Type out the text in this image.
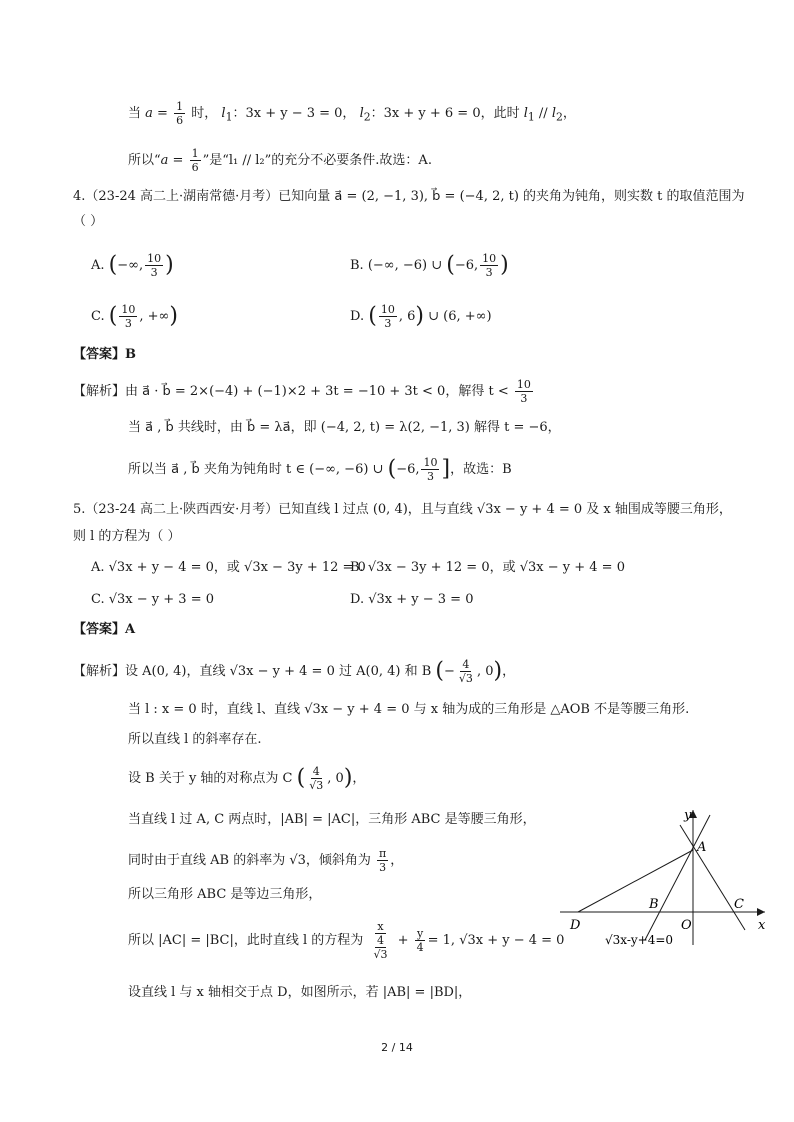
当 $a = \frac{1}{6}$ 时， $l_1$：3x + y − 3 = 0， $l_2$：3x + y + 6 = 0，此时 $l_1 // l_2$，
所以“$a = \frac{1}{6}$ ”是“l₁ // l₂”的充分不必要条件.故选：A.
4.（23-24 高二上·湖南常德·月考）已知向量 a⃗ = (2, −1, 3), b⃗ = (−4, 2, t) 的夹角为钝角，则实数 t 的取值范围为
（ ）
A. (−∞, $\frac{10}{3}$ )	B. (−∞, −6) ∪ (−6, $\frac{10}{3}$ )
C. ( $\frac{10}{3}$ , +∞)	D. ( $\frac{10}{3}$ , 6) ∪ (6, +∞)
【答案】B
【解析】由 a⃗ · b⃗ = 2×(−4) + (−1)×2 + 3t = −10 + 3t < 0，解得 $t < \frac{10}{3}$
当 a⃗ , b⃗ 共线时，由 b⃗ = λa⃗，即 (−4, 2, t) = λ(2, −1, 3) 解得 t = −6，
所以当 a⃗ , b⃗ 夹角为钝角时 t ∈ (−∞, −6) ∪ (−6, $\frac{10}{3}$ ]，故选：B
5.（23-24 高二上·陕西西安·月考）已知直线 l 过点 (0, 4)，且与直线 √3x − y + 4 = 0 及 x 轴围成等腰三角形，
则 l 的方程为（ ）
A. √3x + y − 4 = 0，或 √3x − 3y + 12 = 0
B. √3x − 3y + 12 = 0，或 √3x − y + 4 = 0
C. √3x − y + 3 = 0	D. √3x + y − 3 = 0
【答案】A
【解析】设 A(0, 4)，直线 √3x − y + 4 = 0 过 A(0, 4) 和 B (− $\frac{4}{√3}$ , 0)，
当 l : x = 0 时，直线 l、直线 √3x − y + 4 = 0 与 x 轴为成的三角形是 △AOB 不是等腰三角形.
所以直线 l 的斜率存在.
设 B 关于 y 轴的对称点为 C ( $\frac{4}{√3}$ , 0)，
当直线 l 过 A, C 两点时，|AB| = |AC|，三角形 ABC 是等腰三角形，
同时由于直线 AB 的斜率为 √3，倾斜角为 $\frac{\pi}{3}$ ，
所以三角形 ABC 是等边三角形，
所以 |AC| = |BC|，此时直线 l 的方程为 $\frac{x}{\frac{4}{√3}} + \frac{y}{4} = 1$, √3x + y − 4 = 0
设直线 l 与 x 轴相交于点 D，如图所示，若 |AB| = |BD|，
y
x
A
B
O
C
D
√3x-y+4=0
2 / 14
